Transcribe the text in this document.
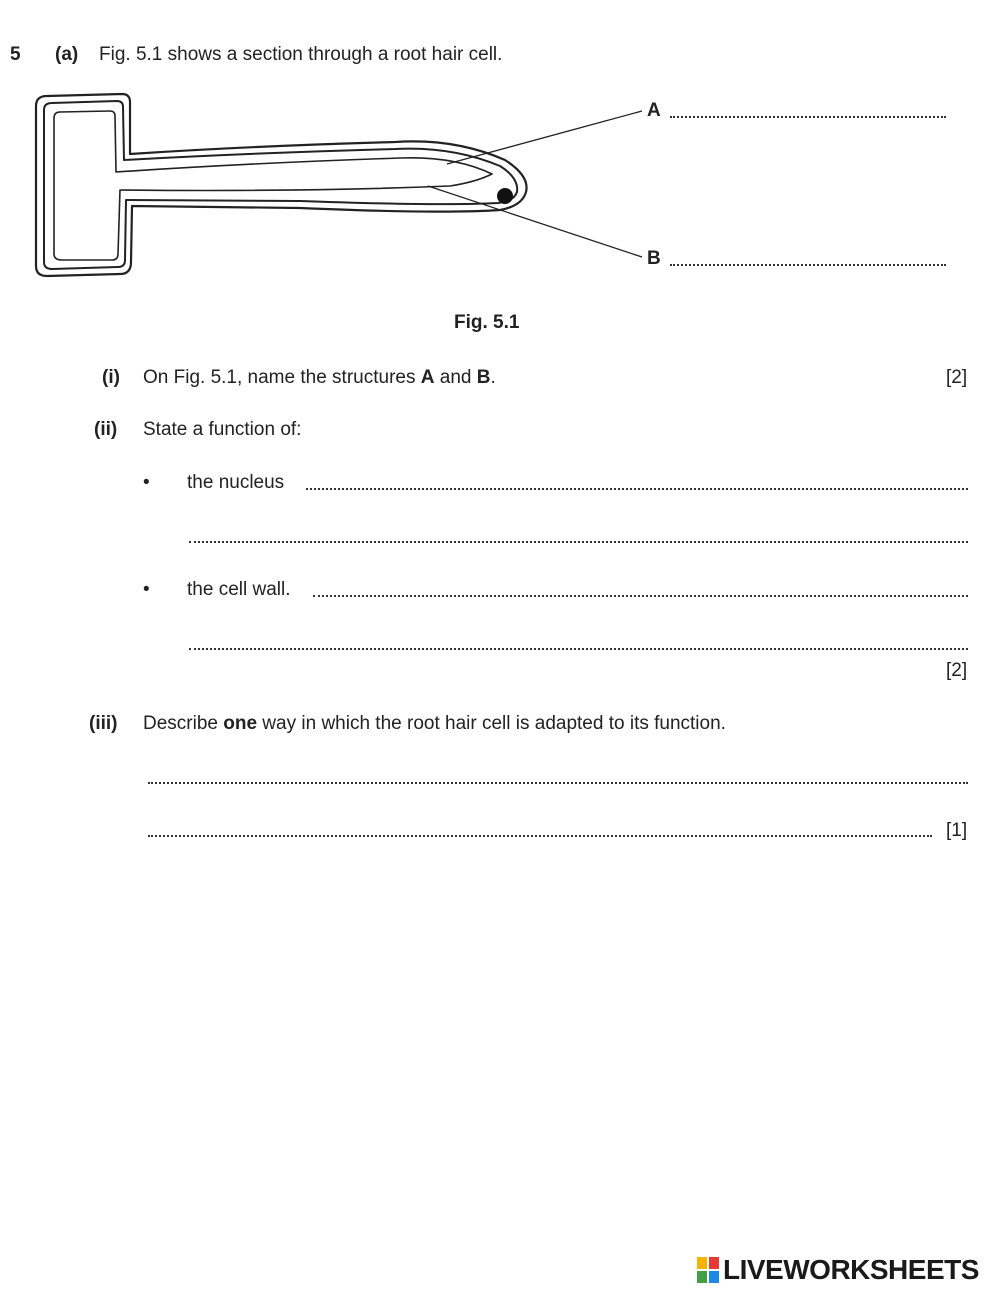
5 (a) Fig. 5.1 shows a section through a root hair cell.
A
B
Fig. 5.1
(i) On Fig. 5.1, name the structures A and B.	[2]
(ii) State a function of:
• the nucleus
• the cell wall.
[2]
(iii) Describe one way in which the root hair cell is adapted to its function.
[1]
LIVEWORKSHEETS
